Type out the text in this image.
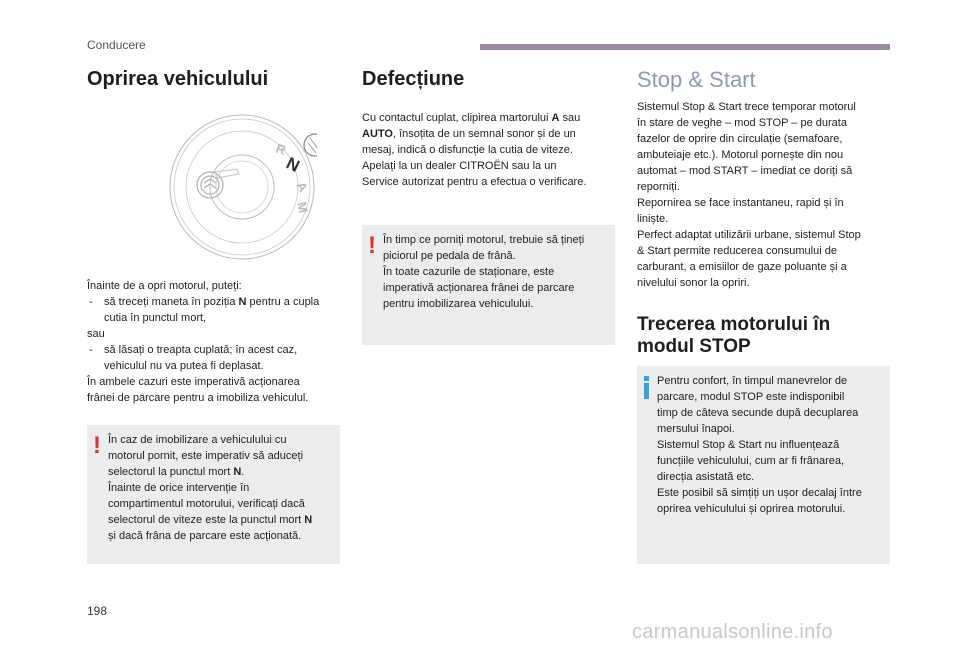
Conducere
Oprirea vehiculului
R
N
A
M
Înainte de a opri motorul, puteți:
- să treceți maneta în poziția N pentru a cupla
cutia în punctul mort,
sau
- să lăsați o treapta cuplată; în acest caz,
vehiculul nu va putea fi deplasat.
În ambele cazuri este imperativă acționarea
frânei de parcare pentru a imobiliza vehiculul.
! În caz de imobilizare a vehiculului cu
motorul pornit, este imperativ să aduceți
selectorul la punctul mort N.
Înainte de orice intervenție în
compartimentul motorului, verificați dacă
selectorul de viteze este la punctul mort N
și dacă frâna de parcare este acționată.
Defecțiune
Cu contactul cuplat, clipirea martorului A sau
AUTO, însoțita de un semnal sonor și de un
mesaj, indică o disfuncție la cutia de viteze.
Apelați la un dealer CITROËN sau la un
Service autorizat pentru a efectua o verificare.
! În timp ce porniți motorul, trebuie să țineți
piciorul pe pedala de frână.
În toate cazurile de staționare, este
imperativă acționarea frânei de parcare
pentru imobilizarea vehiculului.
Stop & Start
Sistemul Stop & Start trece temporar motorul
în stare de veghe – mod STOP – pe durata
fazelor de oprire din circulație (semafoare,
ambuteiaje etc.). Motorul pornește din nou
automat – mod START – imediat ce doriți să
reporniți.
Repornirea se face instantaneu, rapid și în
liniște.
Perfect adaptat utilizării urbane, sistemul Stop
& Start permite reducerea consumului de
carburant, a emisiilor de gaze poluante și a
nivelului sonor la opriri.
Trecerea motorului în
modul STOP
Pentru confort, în timpul manevrelor de
parcare, modul STOP este indisponibil
timp de câteva secunde după decuplarea
mersului înapoi.
Sistemul Stop & Start nu influențează
funcțiile vehiculului, cum ar fi frânarea,
direcția asistată etc.
Este posibil să simțiți un ușor decalaj între
oprirea vehiculului și oprirea motorului.
198
carmanualsonline.info
